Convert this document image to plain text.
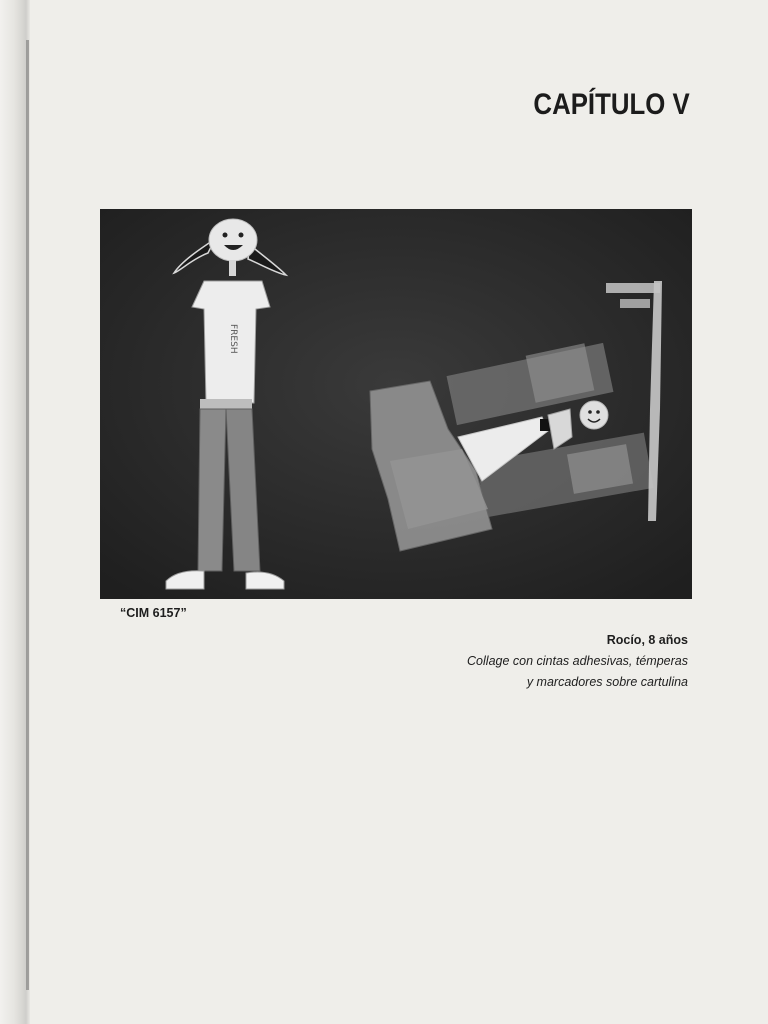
CAPÍTULO V
FRESH
“CIM 6157”
Rocío, 8 años
Collage con cintas adhesivas, témperas
y marcadores sobre cartulina
